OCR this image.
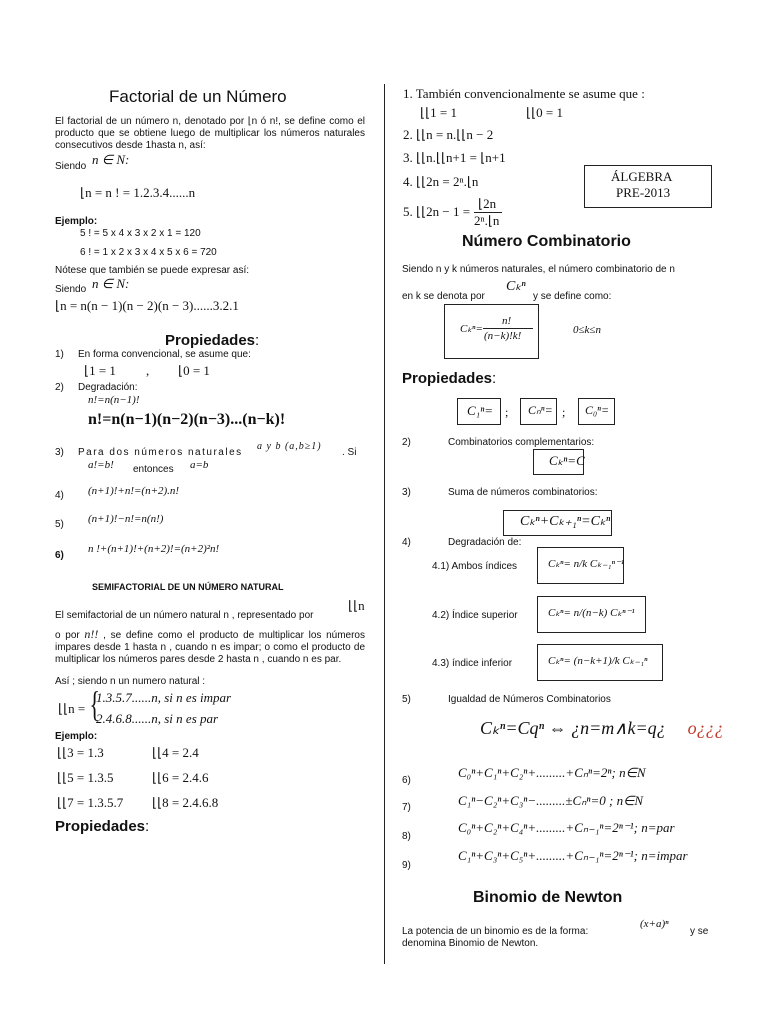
Factorial de un Número
El factorial de un número n, denotado por ⌊n ó n!, se define como el producto que se obtiene luego de multiplicar los números naturales consecutivos desde 1hasta n, así:
Siendo n ∈ N:
⌊n = n ! = 1.2.3.4......n
Ejemplo:
5 ! = 5 x 4 x 3 x 2 x 1 = 120
6 ! = 1 x 2 x 3 x 4 x 5 x 6 = 720
Nótese que también se puede expresar así:
Siendo n ∈ N:
⌊n = n(n − 1)(n − 2)(n − 3)......3.2.1
Propiedades:
1) En forma convencional, se asume que:
⌊1 = 1 , ⌊0 = 1
2) Degradación:
n!=n(n−1)!
n!=n(n−1)(n−2)(n−3)...(n−k)!
3) Para dos números naturales
a y b (a,b≥1)
. Si
a!=b! entonces a=b
4) (n+1)!+n!=(n+2).n!
5) (n+1)!−n!=n(n!)
6)
n !+(n+1)!+(n+2)!=(n+2)²n!
SEMIFACTORIAL DE UN NÚMERO NATURAL
El semifactorial de un número natural n , representado por
⌊⌊n
o por n!! , se define como el producto de multiplicar los números impares desde 1 hasta n , cuando n es impar; o como el producto de multiplicar los números pares desde 2 hasta n , cuando n es par.
Así ; siendo n un numero natural :
⌊⌊n = {
1.3.5.7......n, si n es impar
2.4.6.8......n, si n es par
Ejemplo:
⌊⌊3 = 1.3	⌊⌊4 = 2.4
⌊⌊5 = 1.3.5	⌊⌊6 = 2.4.6
⌊⌊7 = 1.3.5.7 ⌊⌊8 = 2.4.6.8
Propiedades:
1. También convencionalmente se asume que :
⌊⌊1 = 1	⌊⌊0 = 1
2. ⌊⌊n = n.⌊⌊n − 2
3. ⌊⌊n.⌊⌊n+1 = ⌊n+1
4. ⌊⌊2n = 2ⁿ.⌊n
5. ⌊⌊2n − 1 =
⌊2n
2ⁿ.⌊n
ÁLGEBRA
PRE-2013
Número Combinatorio
Siendo n y k números naturales, el número combinatorio de n
en k se denota por
Cₖⁿ
y se define como:
Cₖⁿ=
n!
(n−k)!k!	0≤k≤n
Propiedades:
C₁ⁿ= ; Cₙⁿ= ; C₀ⁿ=
2)	Combinatorios complementarios:
Cₖⁿ=C
3)	Suma de números combinatorios:
Cₖⁿ+Cₖ₊₁ⁿ=Cₖⁿ
4)	Degradación de:
4.1) Ambos índices	Cₖⁿ= n/k Cₖ₋₁ⁿ⁻¹
4.2) Índice superior	Cₖⁿ= n/(n−k) Cₖⁿ⁻¹
4.3) índice inferior	Cₖⁿ= (n−k+1)/k Cₖ₋₁ⁿ
5)	Igualdad de Números Combinatorios
Cₖⁿ=Cqⁿ ⇔ ¿n=m∧k=q¿ o¿¿¿
6)
C₀ⁿ+C₁ⁿ+C₂ⁿ+.........+Cₙⁿ=2ⁿ; n∈N
7)	C₁ⁿ−C₂ⁿ+C₃ⁿ−.........±Cₙⁿ=0 ; n∈N
8)
C₀ⁿ+C₂ⁿ+C₄ⁿ+.........+Cₙ₋₁ⁿ=2ⁿ⁻¹; n=par
9)
C₁ⁿ+C₃ⁿ+C₅ⁿ+.........+Cₙ₋₁ⁿ=2ⁿ⁻¹; n=impar
Binomio de Newton
La potencia de un binomio es de la forma:
(x+a)ⁿ
y se
denomina Binomio de Newton.
